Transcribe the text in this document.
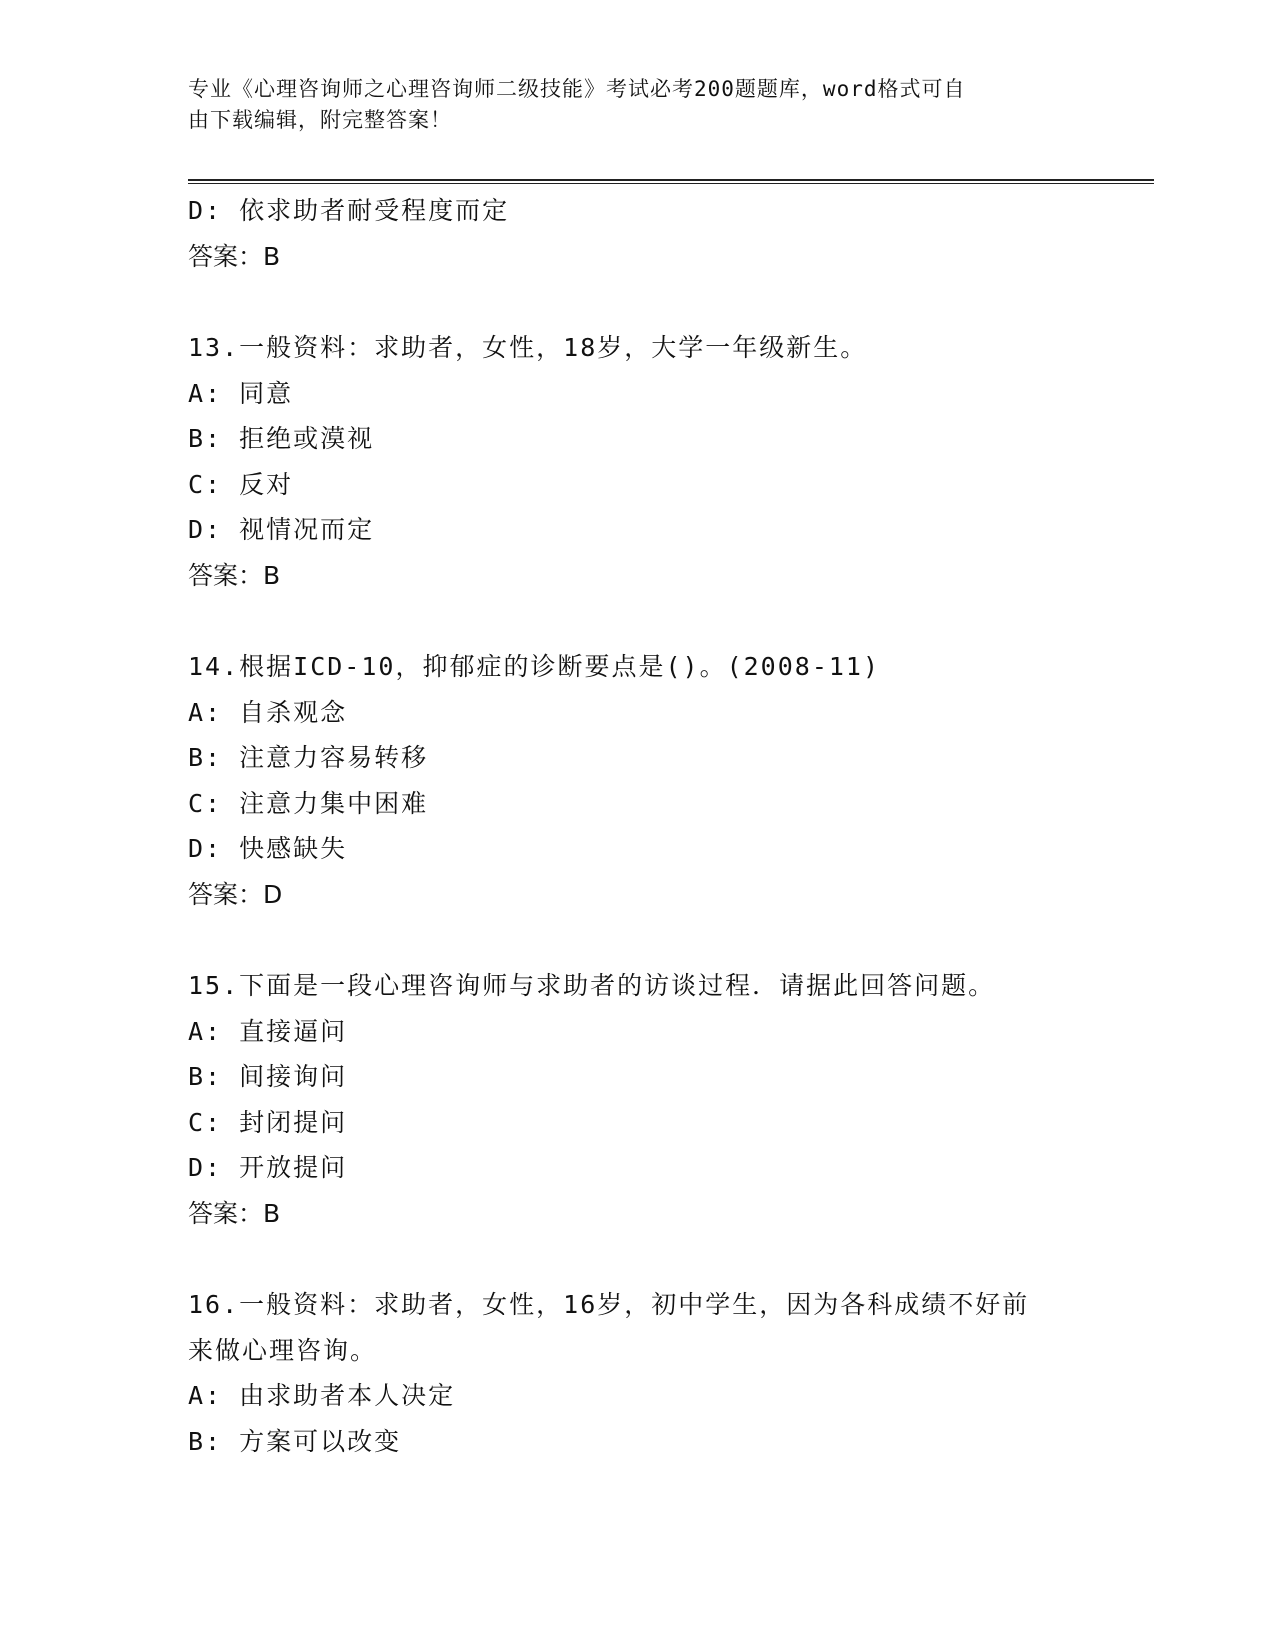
专业《心理咨询师之心理咨询师二级技能》考试必考200题题库，word格式可自
由下载编辑，附完整答案！
D: 依求助者耐受程度而定
答案：B
13.一般资料：求助者，女性，18岁，大学一年级新生。
A: 同意
B: 拒绝或漠视
C: 反对
D: 视情况而定
答案：B
14.根据ICD-10，抑郁症的诊断要点是()。(2008-11)
A: 自杀观念
B: 注意力容易转移
C: 注意力集中困难
D: 快感缺失
答案：D
15.下面是一段心理咨询师与求助者的访谈过程．请据此回答问题。
A: 直接逼问
B: 间接询问
C: 封闭提问
D: 开放提问
答案：B
16.一般资料：求助者，女性，16岁，初中学生，因为各科成绩不好前
来做心理咨询。
A: 由求助者本人决定
B: 方案可以改变
